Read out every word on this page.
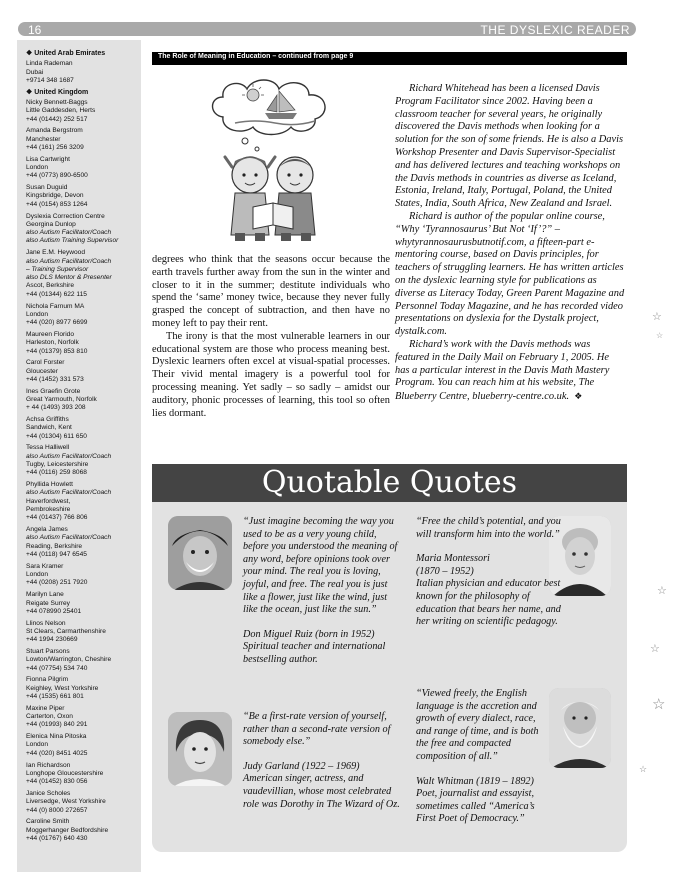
16	THE DYSLEXIC READER
❖ United Arab Emirates
Linda Rademan
Dubai
+9714 348 1687
❖ United Kingdom
Nicky Bennett-Baggs
Little Gaddesden, Herts
+44 (01442) 252 517
Amanda Bergstrom
Manchester
+44 (161) 256 3209
Lisa Cartwright
London
+44 (0773) 890-6500
Susan Duguid
Kingsbridge, Devon
+44 (0154) 853 1264
Dyslexia Correction Centre
Georgina Dunlop
also Autism Facilitator/Coach
also Autism Training Supervisor
Jane E.M. Heywood
also Autism Facilitator/Coach
– Training Supervisor
also DLS Mentor & Presenter
Ascot, Berkshire
+44 (01344) 622 115
Nichola Farnum MA
London
+44 (020) 8977 6699
Maureen Florido
Harleston, Norfolk
+44 (01379) 853 810
Carol Forster
Gloucester
+44 (1452) 331 573
Ines Graefin Grote
Great Yarmouth, Norfolk
+ 44 (1493) 393 208
Achsa Griffiths
Sandwich, Kent
+44 (01304) 611 650
Tessa Halliwell
also Autism Facilitator/Coach
Tugby, Leicestershire
+44 (0116) 259 8068
Phyllida Howlett
also Autism Facilitator/Coach
Haverfordwest,
Pembrokeshire
+44 (01437) 766 806
Angela James
also Autism Facilitator/Coach
Reading, Berkshire
+44 (0118) 947 6545
Sara Kramer
London
+44 (0208) 251 7920
Marilyn Lane
Reigate Surrey
+44 078990 25401
Llinos Nelson
St Clears, Carmarthenshire
+44 1994 230669
Stuart Parsons
Lowton/Warrington, Cheshire
+44 (07754) 534 740
Fionna Pilgrim
Keighley, West Yorkshire
+44 (1535) 661 801
Maxine Piper
Carterton, Oxon
+44 (01993) 840 291
Elenica Nina Pitoska
London
+44 (020) 8451 4025
Ian Richardson
Longhope Gloucestershire
+44 (01452) 830 056
Janice Scholes
Liversedge, West Yorkshire
+44 (0) 8000 272657
Caroline Smith
Moggerhanger Bedfordshire
+44 (01767) 640 430
The Role of Meaning in Education – continued from page 9

degrees who think that the seasons occur because the earth travels further away from the sun in the winter and closer to it in the summer; destitute individuals who spend the ‘same’ money twice, because they never fully grasped the concept of subtraction, and then have no money left to pay their rent.

The irony is that the most vulnerable learners in our educational system are those who process meaning best. Dyslexic learners often excel at visual-spatial processes. Their vivid mental imagery is a powerful tool for processing meaning. Yet sadly – so sadly – amidst our auditory, phonic processes of learning, this tool so often lies dormant.

Richard Whitehead has been a licensed Davis Program Facilitator since 2002. Having been a classroom teacher for several years, he originally discovered the Davis methods when looking for a solution for the son of some friends. He is also a Davis Workshop Presenter and Davis Supervisor-Specialist and has delivered lectures and teaching workshops on the Davis methods in countries as diverse as Iceland, Estonia, Ireland, Italy, Portugal, Poland, the United States, India, South Africa, New Zealand and Israel.

Richard is author of the popular online course, “Why ‘Tyrannosaurus’ But Not ‘If’?” – whytyrannosaurusbutnotif.com, a fifteen-part e-mentoring course, based on Davis principles, for teachers of struggling learners. He has written articles on the dyslexic learning style for publications as diverse as Literacy Today, Green Parent Magazine and Personnel Today Magazine, and he has recorded video presentations on dyslexia for the Dystalk project, dystalk.com.

Richard’s work with the Davis methods was featured in the Daily Mail on February 1, 2005. He has a particular interest in the Davis Math Mastery Program. You can reach him at his website, The Blueberry Centre, blueberry-centre.co.uk. ❖

Quotable Quotes

“Just imagine becoming the way you used to be as a very young child, before you understood the meaning of any word, before opinions took over your mind. The real you is loving, joyful, and free. The real you is just like a flower, just like the wind, just like the ocean, just like the sun.”

Don Miguel Ruiz (born in 1952)

Spiritual teacher and international bestselling author.

“Free the child’s potential, and you will transform him into the world.”

Maria Montessori

(1870 – 1952)

Italian physician and educator best known for the philosophy of education that bears her name, and her writing on scientific pedagogy.

“Be a first-rate version of yourself, rather than a second-rate version of somebody else.”

Judy Garland (1922 – 1969)

American singer, actress, and vaudevillian, whose most celebrated role was Dorothy in The Wizard of Oz.

“Viewed freely, the English language is the accretion and growth of every dialect, race, and range of time, and is both the free and compacted composition of all.”

Walt Whitman (1819 – 1892)

Poet, journalist and essayist, sometimes called “America’s First Poet of Democracy.”

☆
☆
☆
☆
☆
☆
